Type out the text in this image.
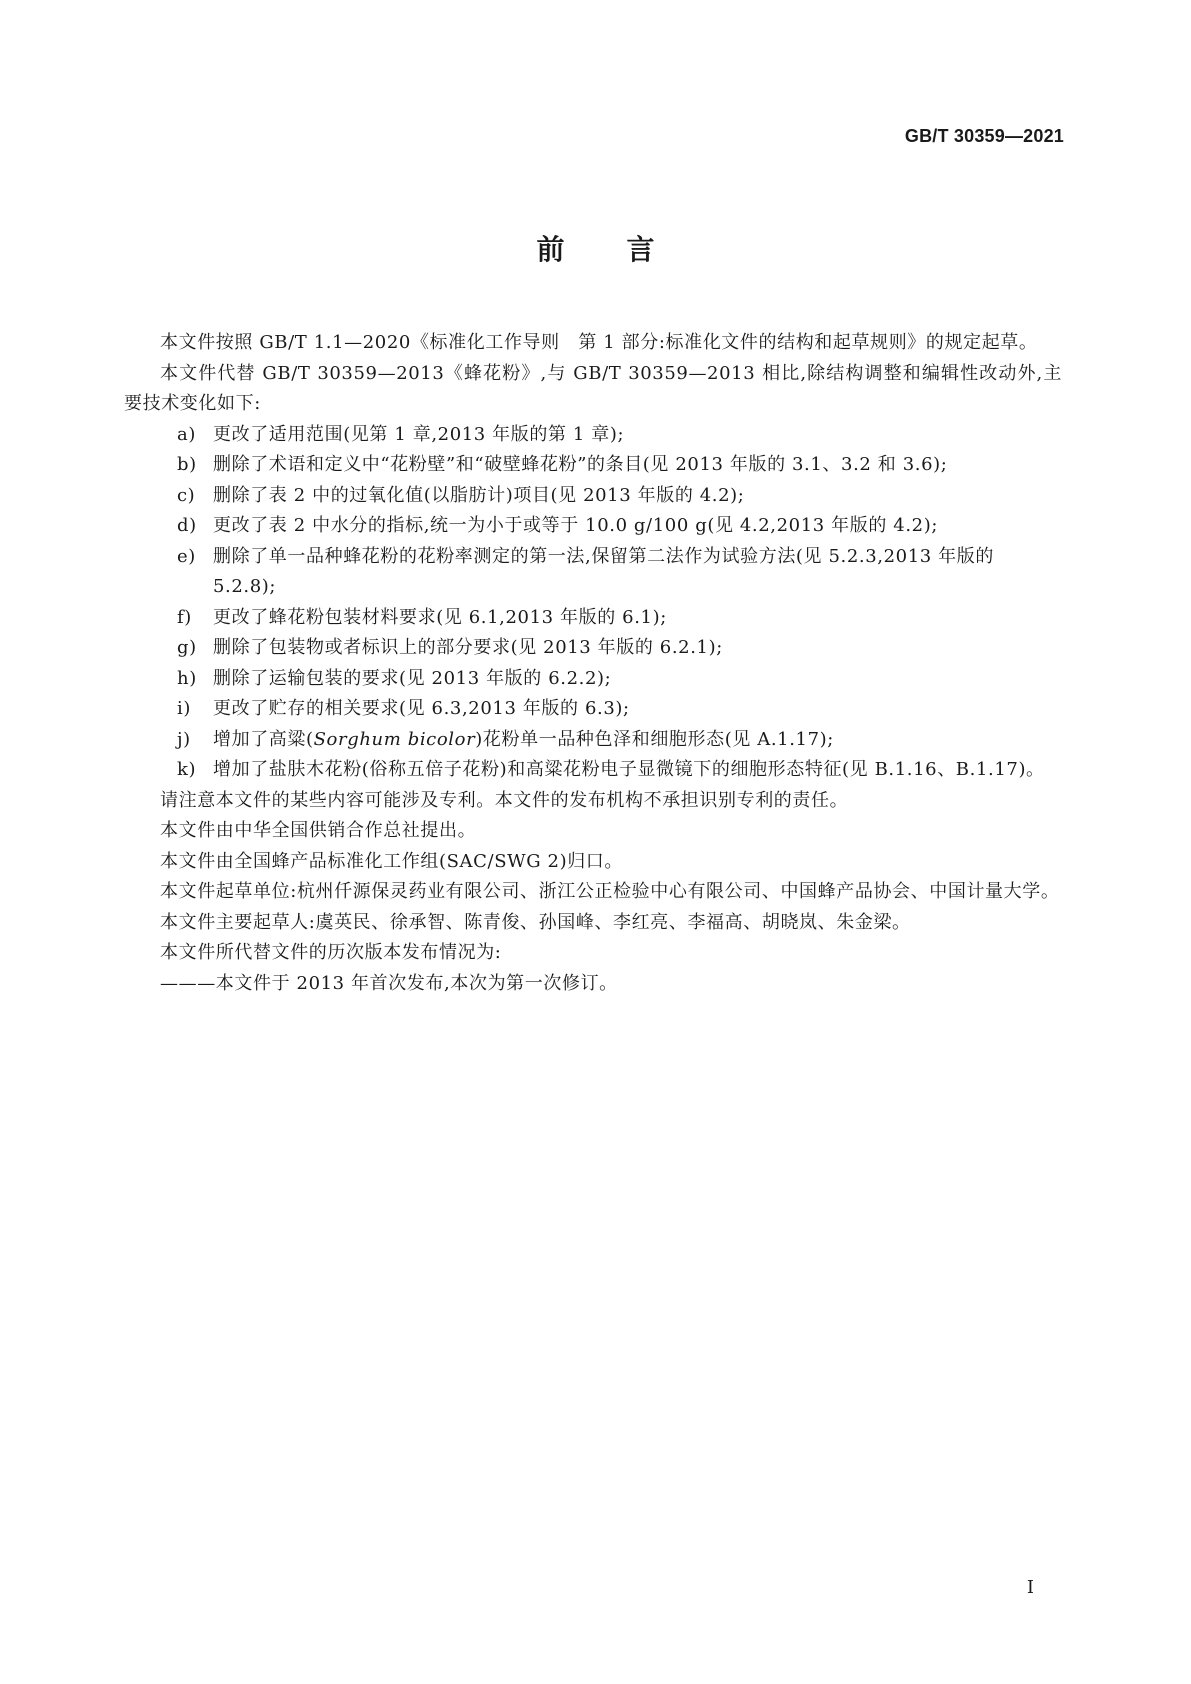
GB/T 30359—2021
前 言

本文件按照 GB/T 1.1—2020《标准化工作导则　第 1 部分:标准化文件的结构和起草规则》的规定起草。

本文件代替 GB/T 30359—2013《蜂花粉》,与 GB/T 30359—2013 相比,除结构调整和编辑性改动外,主要技术变化如下:

a) 更改了适用范围(见第 1 章,2013 年版的第 1 章);

b) 删除了术语和定义中“花粉壁”和“破壁蜂花粉”的条目(见 2013 年版的 3.1、3.2 和 3.6);

c) 删除了表 2 中的过氧化值(以脂肪计)项目(见 2013 年版的 4.2);

d) 更改了表 2 中水分的指标,统一为小于或等于 10.0 g/100 g(见 4.2,2013 年版的 4.2);

e) 删除了单一品种蜂花粉的花粉率测定的第一法,保留第二法作为试验方法(见 5.2.3,2013 年版的 5.2.8);

f) 更改了蜂花粉包装材料要求(见 6.1,2013 年版的 6.1);

g) 删除了包装物或者标识上的部分要求(见 2013 年版的 6.2.1);

h) 删除了运输包装的要求(见 2013 年版的 6.2.2);

i) 更改了贮存的相关要求(见 6.3,2013 年版的 6.3);

j) 增加了高粱(Sorghum bicolor)花粉单一品种色泽和细胞形态(见 A.1.17);

k) 增加了盐肤木花粉(俗称五倍子花粉)和高粱花粉电子显微镜下的细胞形态特征(见 B.1.16、B.1.17)。

请注意本文件的某些内容可能涉及专利。本文件的发布机构不承担识别专利的责任。

本文件由中华全国供销合作总社提出。

本文件由全国蜂产品标准化工作组(SAC/SWG 2)归口。

本文件起草单位:杭州仟源保灵药业有限公司、浙江公正检验中心有限公司、中国蜂产品协会、中国计量大学。

本文件主要起草人:虞英民、徐承智、陈青俊、孙国峰、李红亮、李福高、胡晓岚、朱金梁。

本文件所代替文件的历次版本发布情况为:

———本文件于 2013 年首次发布,本次为第一次修订。

I
